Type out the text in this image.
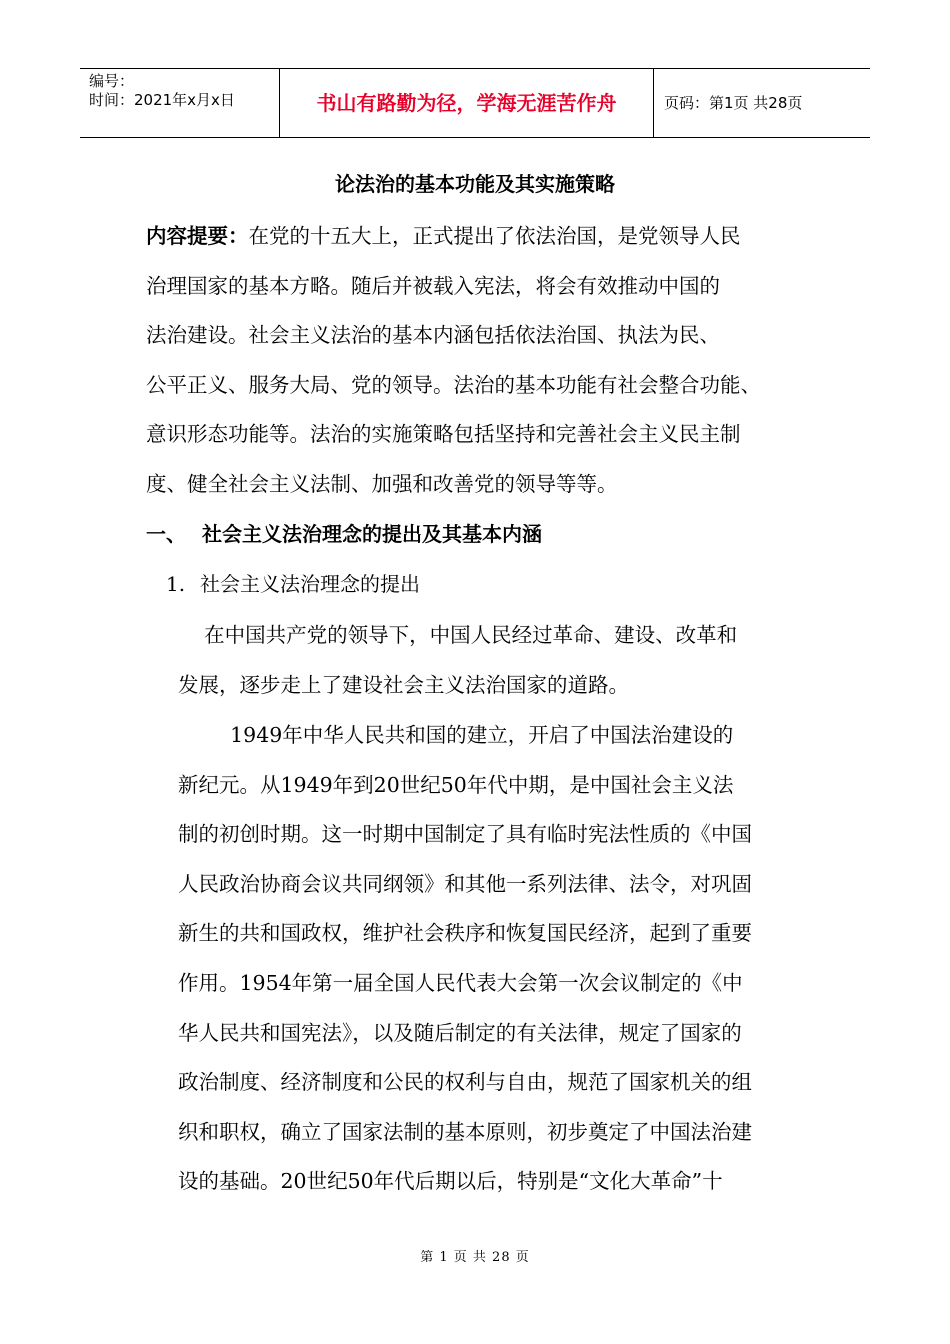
编号：
时间：2021年x月x日	书山有路勤为径，学海无涯苦作舟	页码：第1页 共28页
论法治的基本功能及其实施策略
内容提要：在党的十五大上，正式提出了依法治国，是党领导人民
治理国家的基本方略。随后并被载入宪法，将会有效推动中国的
法治建设。社会主义法治的基本内涵包括依法治国、执法为民、
公平正义、服务大局、党的领导。法治的基本功能有社会整合功能、
意识形态功能等。法治的实施策略包括坚持和完善社会主义民主制
度、健全社会主义法制、加强和改善党的领导等等。
一、 社会主义法治理念的提出及其基本内涵
1. 社会主义法治理念的提出
在中国共产党的领导下，中国人民经过革命、建设、改革和
发展，逐步走上了建设社会主义法治国家的道路。
1949年中华人民共和国的建立，开启了中国法治建设的
新纪元。从1949年到20世纪50年代中期，是中国社会主义法
制的初创时期。这一时期中国制定了具有临时宪法性质的《中国
人民政治协商会议共同纲领》和其他一系列法律、法令，对巩固
新生的共和国政权，维护社会秩序和恢复国民经济，起到了重要
作用。1954年第一届全国人民代表大会第一次会议制定的《中
华人民共和国宪法》，以及随后制定的有关法律，规定了国家的
政治制度、经济制度和公民的权利与自由，规范了国家机关的组
织和职权，确立了国家法制的基本原则，初步奠定了中国法治建
设的基础。20世纪50年代后期以后，特别是“文化大革命”十
第 1 页 共 28 页
